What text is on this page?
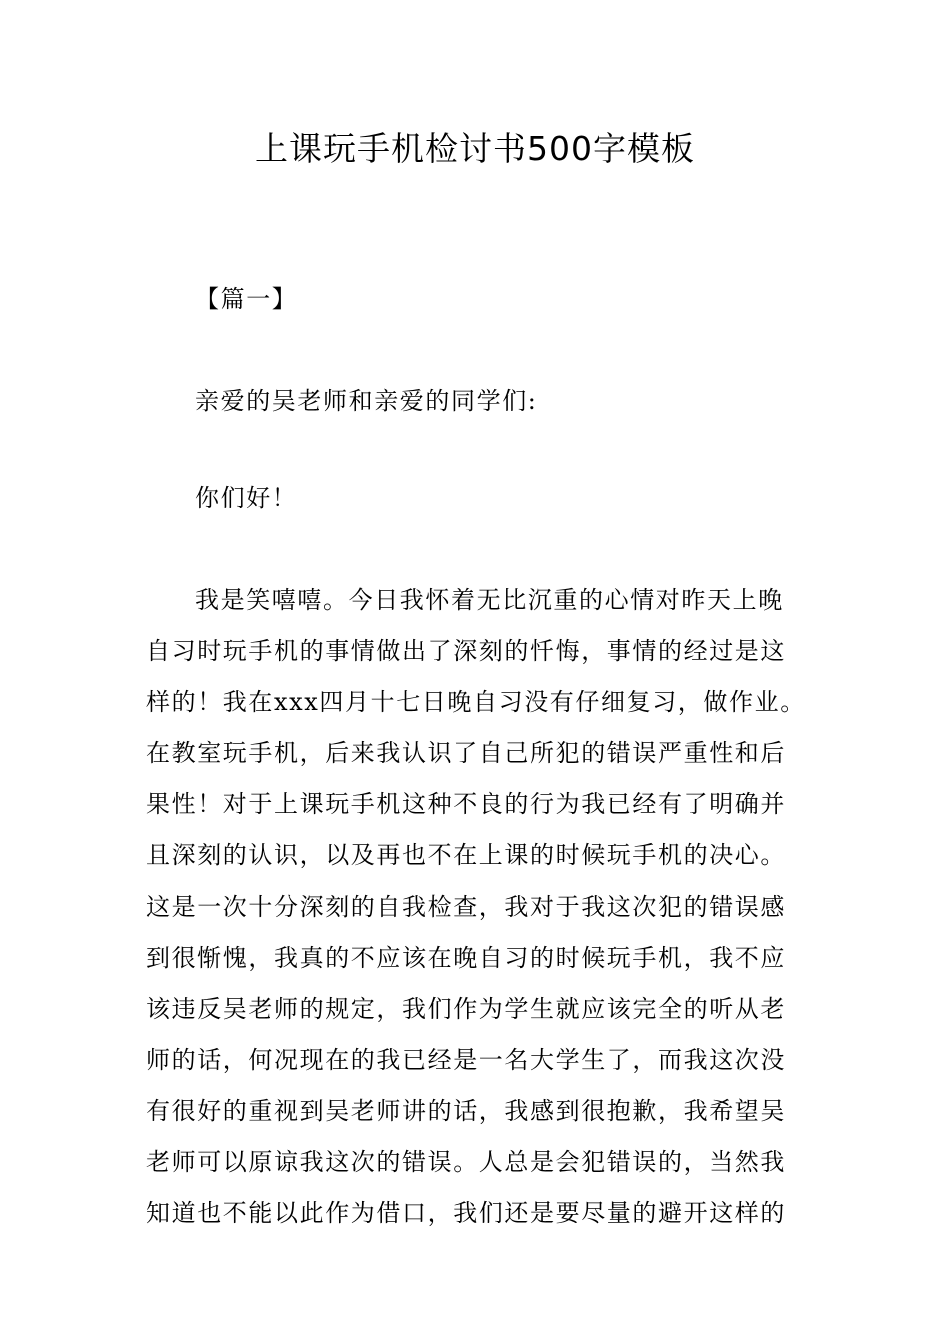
上课玩手机检讨书500字模板

【篇一】

亲爱的吴老师和亲爱的同学们:

你们好！

我是笑嘻嘻。今日我怀着无比沉重的心情对昨天上晚
自习时玩手机的事情做出了深刻的忏悔，事情的经过是这
样的！我在xxx四月十七日晚自习没有仔细复习，做作业。
在教室玩手机，后来我认识了自己所犯的错误严重性和后
果性！对于上课玩手机这种不良的行为我已经有了明确并
且深刻的认识，以及再也不在上课的时候玩手机的决心。
这是一次十分深刻的自我检查，我对于我这次犯的错误感
到很惭愧，我真的不应该在晚自习的时候玩手机，我不应
该违反吴老师的规定，我们作为学生就应该完全的听从老
师的话，何况现在的我已经是一名大学生了，而我这次没
有很好的重视到吴老师讲的话，我感到很抱歉，我希望吴
老师可以原谅我这次的错误。人总是会犯错误的，当然我
知道也不能以此作为借口，我们还是要尽量的避开这样的
